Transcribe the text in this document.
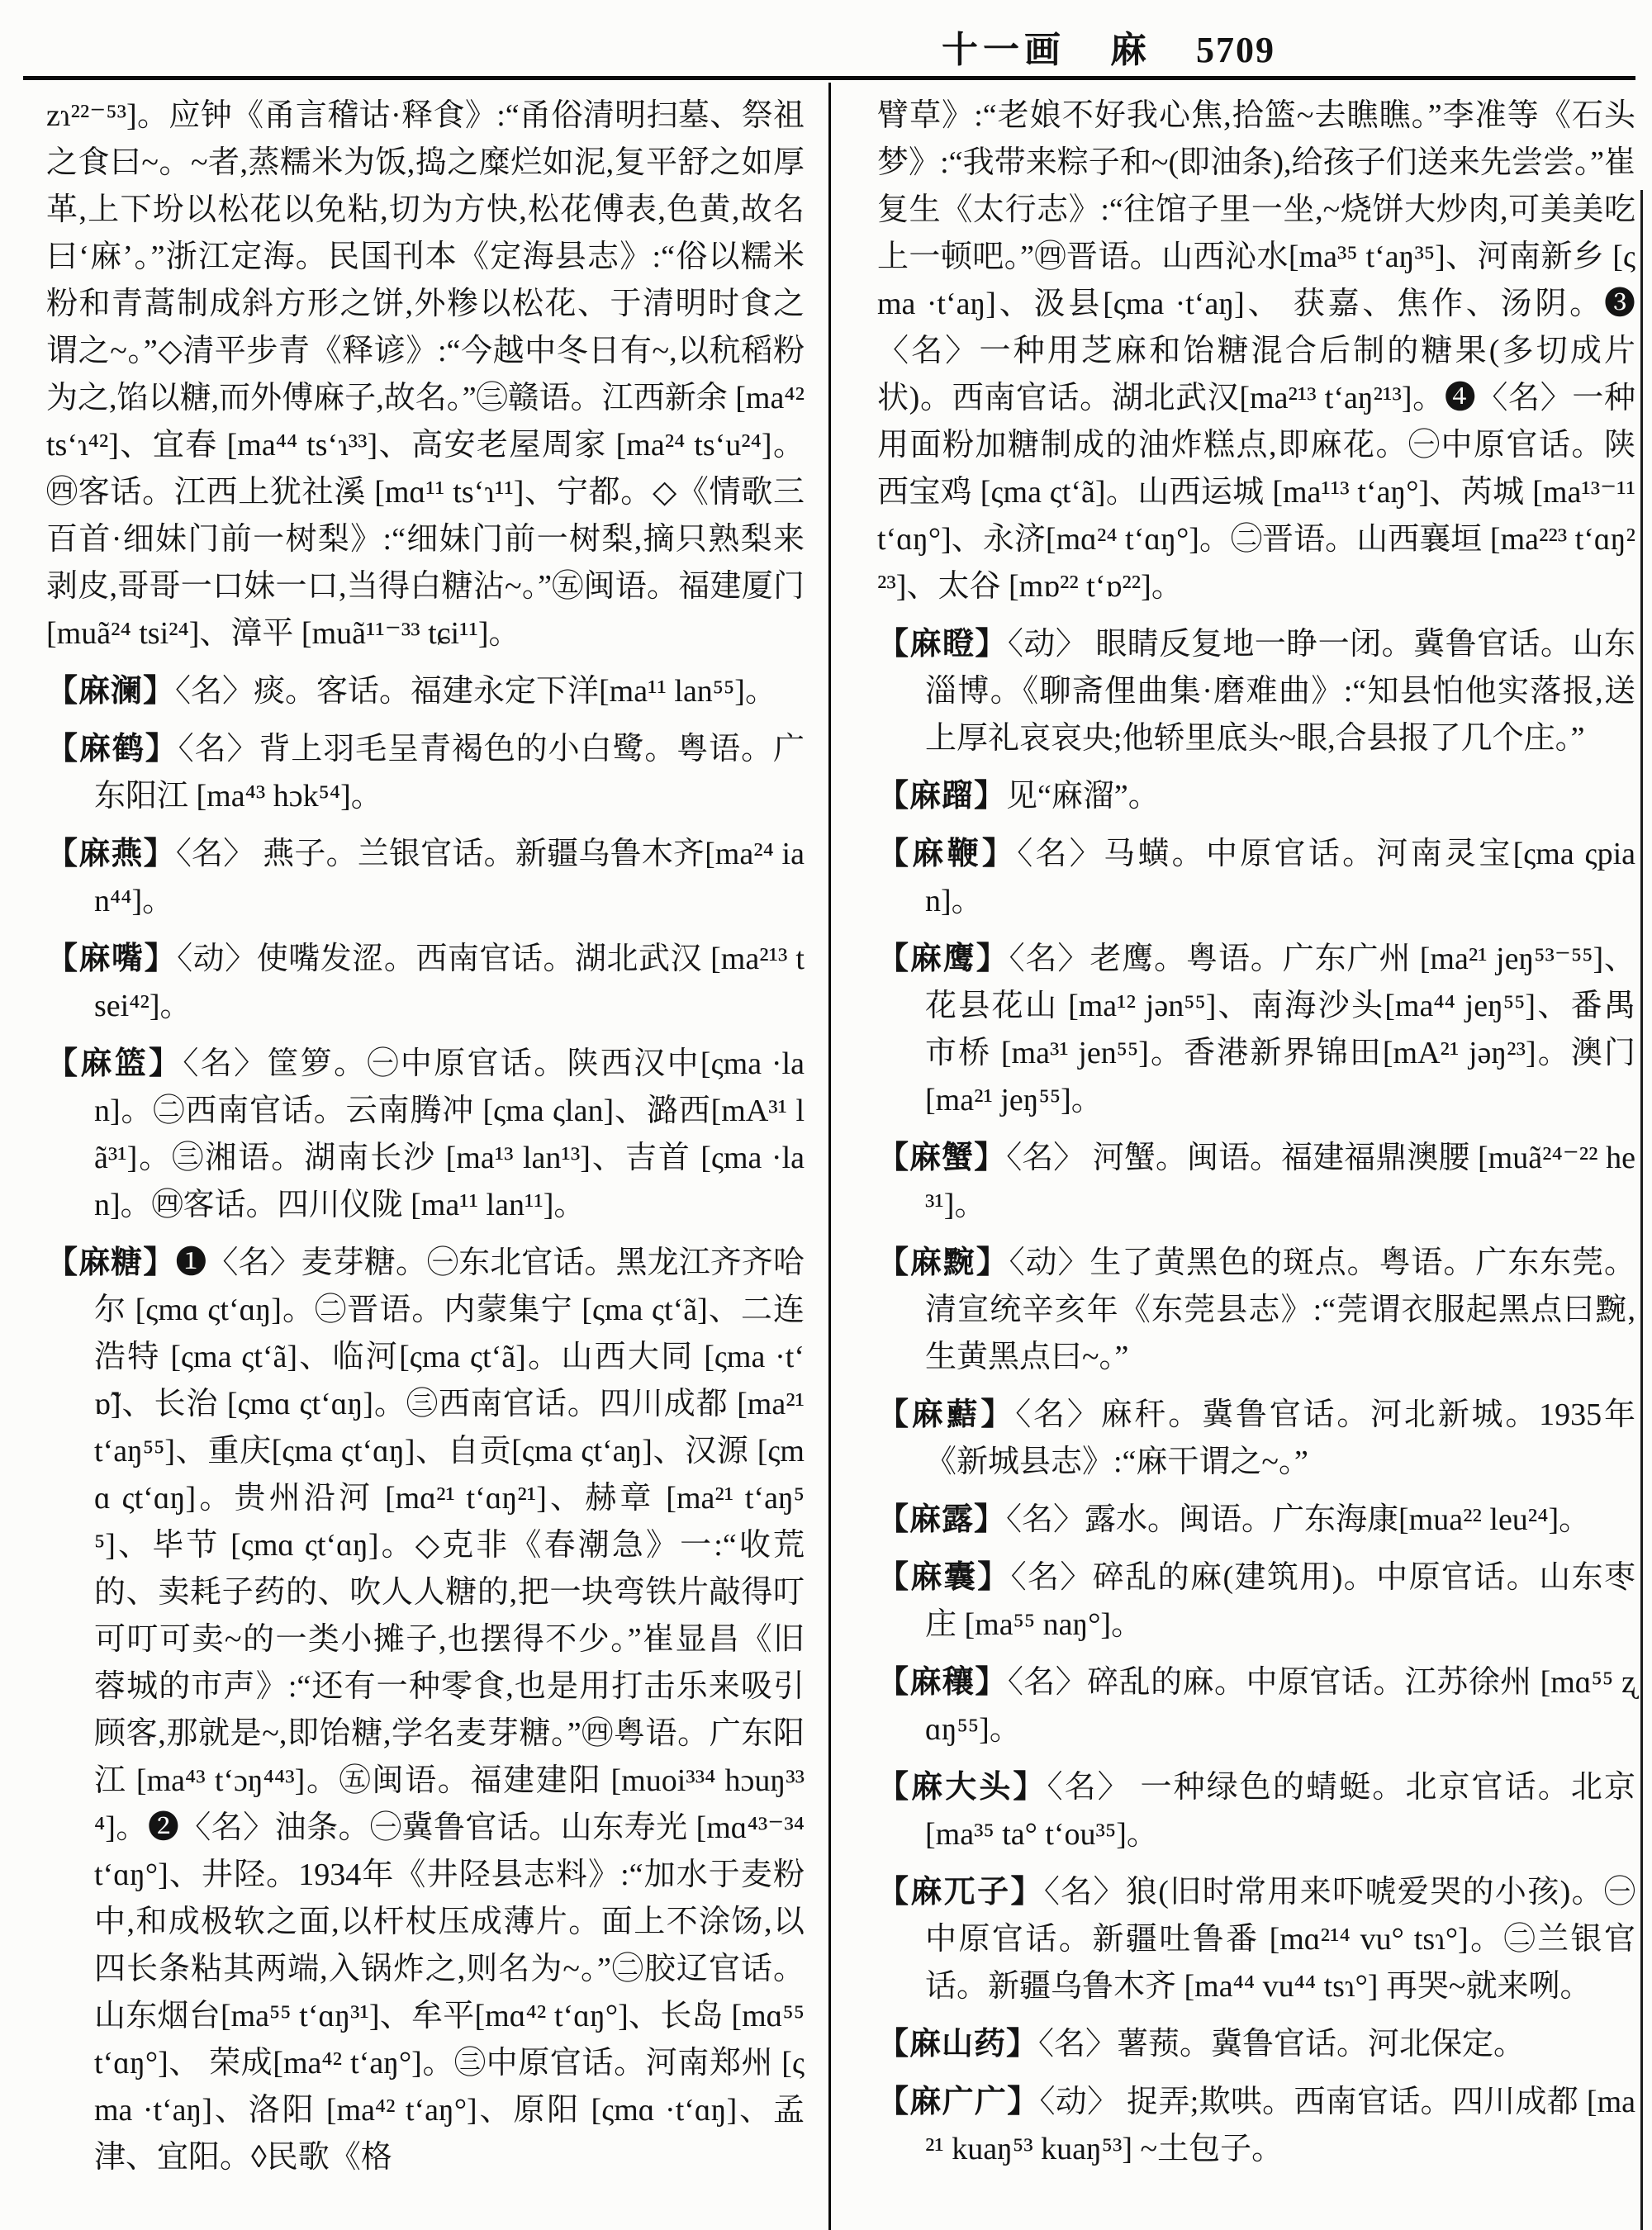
十一画 麻 5709
zɿ²²⁻⁵³]。应钟《甬言稽诂·释食》:“甬俗清明扫墓、祭祖之食曰~。~者,蒸糯米为饭,捣之糜烂如泥,复平舒之如厚革,上下坋以松花以免粘,切为方快,松花傅表,色黄,故名曰‘麻’。”浙江定海。民国刊本《定海县志》:“俗以糯米粉和青蒿制成斜方形之饼,外糁以松花、于清明时食之谓之~。”◇清平步青《释谚》:“今越中冬日有~,以秔稻粉为之,馅以糖,而外傅麻子,故名。”㊂赣语。江西新余 [ma⁴² tsʻɿ⁴²]、宜春 [ma⁴⁴ tsʻɿ³³]、高安老屋周家 [ma²⁴ tsʻu²⁴]。㊃客话。江西上犹社溪 [mɑ¹¹ tsʻɿ¹¹]、宁都。◇《情歌三百首·细妹门前一树梨》:“细妹门前一树梨,摘只熟梨来剥皮,哥哥一口妹一口,当得白糖沾~。”㊄闽语。福建厦门[muã²⁴ tsi²⁴]、漳平 [muã¹¹⁻³³ tɕi¹¹]。
【麻澜】〈名〉痰。客话。福建永定下洋[ma¹¹ lan⁵⁵]。
【麻鹤】〈名〉背上羽毛呈青褐色的小白鹭。粤语。广东阳江 [ma⁴³ hɔk⁵⁴]。
【麻燕】〈名〉 燕子。兰银官话。新疆乌鲁木齐[ma²⁴ ian⁴⁴]。
【麻嘴】〈动〉使嘴发涩。西南官话。湖北武汉 [ma²¹³ tsei⁴²]。
【麻篮】〈名〉筐箩。㊀中原官话。陕西汉中[ςma ·lan]。㊁西南官话。云南腾冲 [ςma ςlan]、潞西[mA³¹ lã³¹]。㊂湘语。湖南长沙 [ma¹³ lan¹³]、吉首 [ςma ·lan]。㊃客话。四川仪陇 [ma¹¹ lan¹¹]。
【麻糖】❶〈名〉麦芽糖。㊀东北官话。黑龙江齐齐哈尔 [ςmɑ ςtʻɑŋ]。㊁晋语。内蒙集宁 [ςma ςtʻã]、二连浩特 [ςma ςtʻã]、临河[ςma ςtʻã]。山西大同 [ςma ·tʻɒ̃]、长治 [ςmɑ ςtʻɑŋ]。㊂西南官话。四川成都 [ma²¹ tʻaŋ⁵⁵]、重庆[ςma ςtʻɑŋ]、自贡[ςma ςtʻaŋ]、汉源 [ςmɑ ςtʻɑŋ]。贵州沿河 [mɑ²¹ tʻɑŋ²¹]、赫章 [ma²¹ tʻaŋ⁵⁵]、毕节 [ςmɑ ςtʻɑŋ]。◇克非《春潮急》一:“收荒的、卖耗子药的、吹人人糖的,把一块弯铁片敲得叮可叮可卖~的一类小摊子,也摆得不少。”崔显昌《旧蓉城的市声》:“还有一种零食,也是用打击乐来吸引顾客,那就是~,即饴糖,学名麦芽糖。”㊃粤语。广东阳江 [ma⁴³ tʻɔŋ⁴⁴³]。㊄闽语。福建建阳 [muoi³³⁴ hɔuŋ³³⁴]。❷〈名〉油条。㊀冀鲁官话。山东寿光 [mɑ⁴³⁻³⁴ tʻɑŋ°]、井陉。1934年《井陉县志料》:“加水于麦粉中,和成极软之面,以杆杖压成薄片。面上不涂饧,以四长条粘其两端,入锅炸之,则名为~。”㊁胶辽官话。山东烟台[ma⁵⁵ tʻɑŋ³¹]、牟平[mɑ⁴² tʻɑŋ°]、长岛 [mɑ⁵⁵ tʻɑŋ°]、 荣成[ma⁴² tʻaŋ°]。㊂中原官话。河南郑州 [ςma ·tʻaŋ]、洛阳 [ma⁴² tʻaŋ°]、原阳 [ςmɑ ·tʻɑŋ]、孟津、宜阳。◊民歌《格
臂草》:“老娘不好我心焦,拾篮~去瞧瞧。”李准等《石头梦》:“我带来粽子和~(即油条),给孩子们送来先尝尝。”崔复生《太行志》:“往馆子里一坐,~烧饼大炒肉,可美美吃上一顿吧。”㊃晋语。山西沁水[ma³⁵ tʻaŋ³⁵]、河南新乡 [ςma ·tʻaŋ]、汲县[ςma ·tʻaŋ]、 获嘉、焦作、汤阴。❸〈名〉一种用芝麻和饴糖混合后制的糖果(多切成片状)。西南官话。湖北武汉[ma²¹³ tʻaŋ²¹³]。❹〈名〉一种用面粉加糖制成的油炸糕点,即麻花。㊀中原官话。陕西宝鸡 [ςma ςtʻã]。山西运城 [ma¹¹³ tʻaŋ°]、芮城 [ma¹³⁻¹¹ tʻɑŋ°]、永济[mɑ²⁴ tʻɑŋ°]。㊁晋语。山西襄垣 [ma²²³ tʻɑŋ²²³]、太谷 [mɒ²² tʻɒ²²]。
【麻瞪】〈动〉 眼睛反复地一睁一闭。冀鲁官话。山东淄博。《聊斋俚曲集·磨难曲》:“知县怕他实落报,送上厚礼哀哀央;他轿里底头~眼,合县报了几个庄。”
【麻蹓】见“麻溜”。
【麻鞭】〈名〉马蟥。中原官话。河南灵宝[ςma ςpian]。
【麻鹰】〈名〉老鹰。粤语。广东广州 [ma²¹ jeŋ⁵³⁻⁵⁵]、花县花山 [ma¹² jən⁵⁵]、南海沙头[ma⁴⁴ jeŋ⁵⁵]、番禺市桥 [ma³¹ jen⁵⁵]。香港新界锦田[mA²¹ jəŋ²³]。澳门 [ma²¹ jeŋ⁵⁵]。
【麻蟹】〈名〉 河蟹。闽语。福建福鼎澳腰 [muã²⁴⁻²² he³¹]。
【麻黦】〈动〉生了黄黑色的斑点。粤语。广东东莞。清宣统辛亥年《东莞县志》:“莞谓衣服起黑点曰黦,生黄黑点曰~。”
【麻䕸】〈名〉麻秆。冀鲁官话。河北新城。1935年《新城县志》:“麻干谓之~。”
【麻露】〈名〉露水。闽语。广东海康[mua²² leu²⁴]。
【麻囊】〈名〉碎乱的麻(建筑用)。中原官话。山东枣庄 [ma⁵⁵ naŋ°]。
【麻穰】〈名〉碎乱的麻。中原官话。江苏徐州 [mɑ⁵⁵ ʐɑŋ⁵⁵]。
【麻大头】〈名〉 一种绿色的蜻蜓。北京官话。北京 [ma³⁵ ta° tʻou³⁵]。
【麻兀子】〈名〉狼(旧时常用来吓唬爱哭的小孩)。㊀中原官话。新疆吐鲁番 [mɑ²¹⁴ vu° tsɿ°]。㊁兰银官话。新疆乌鲁木齐 [ma⁴⁴ vu⁴⁴ tsɿ°] 再哭~就来咧。
【麻山药】〈名〉薯蓣。冀鲁官话。河北保定。
【麻广广】〈动〉 捉弄;欺哄。西南官话。四川成都 [ma²¹ kuaŋ⁵³ kuaŋ⁵³] ~土包子。
